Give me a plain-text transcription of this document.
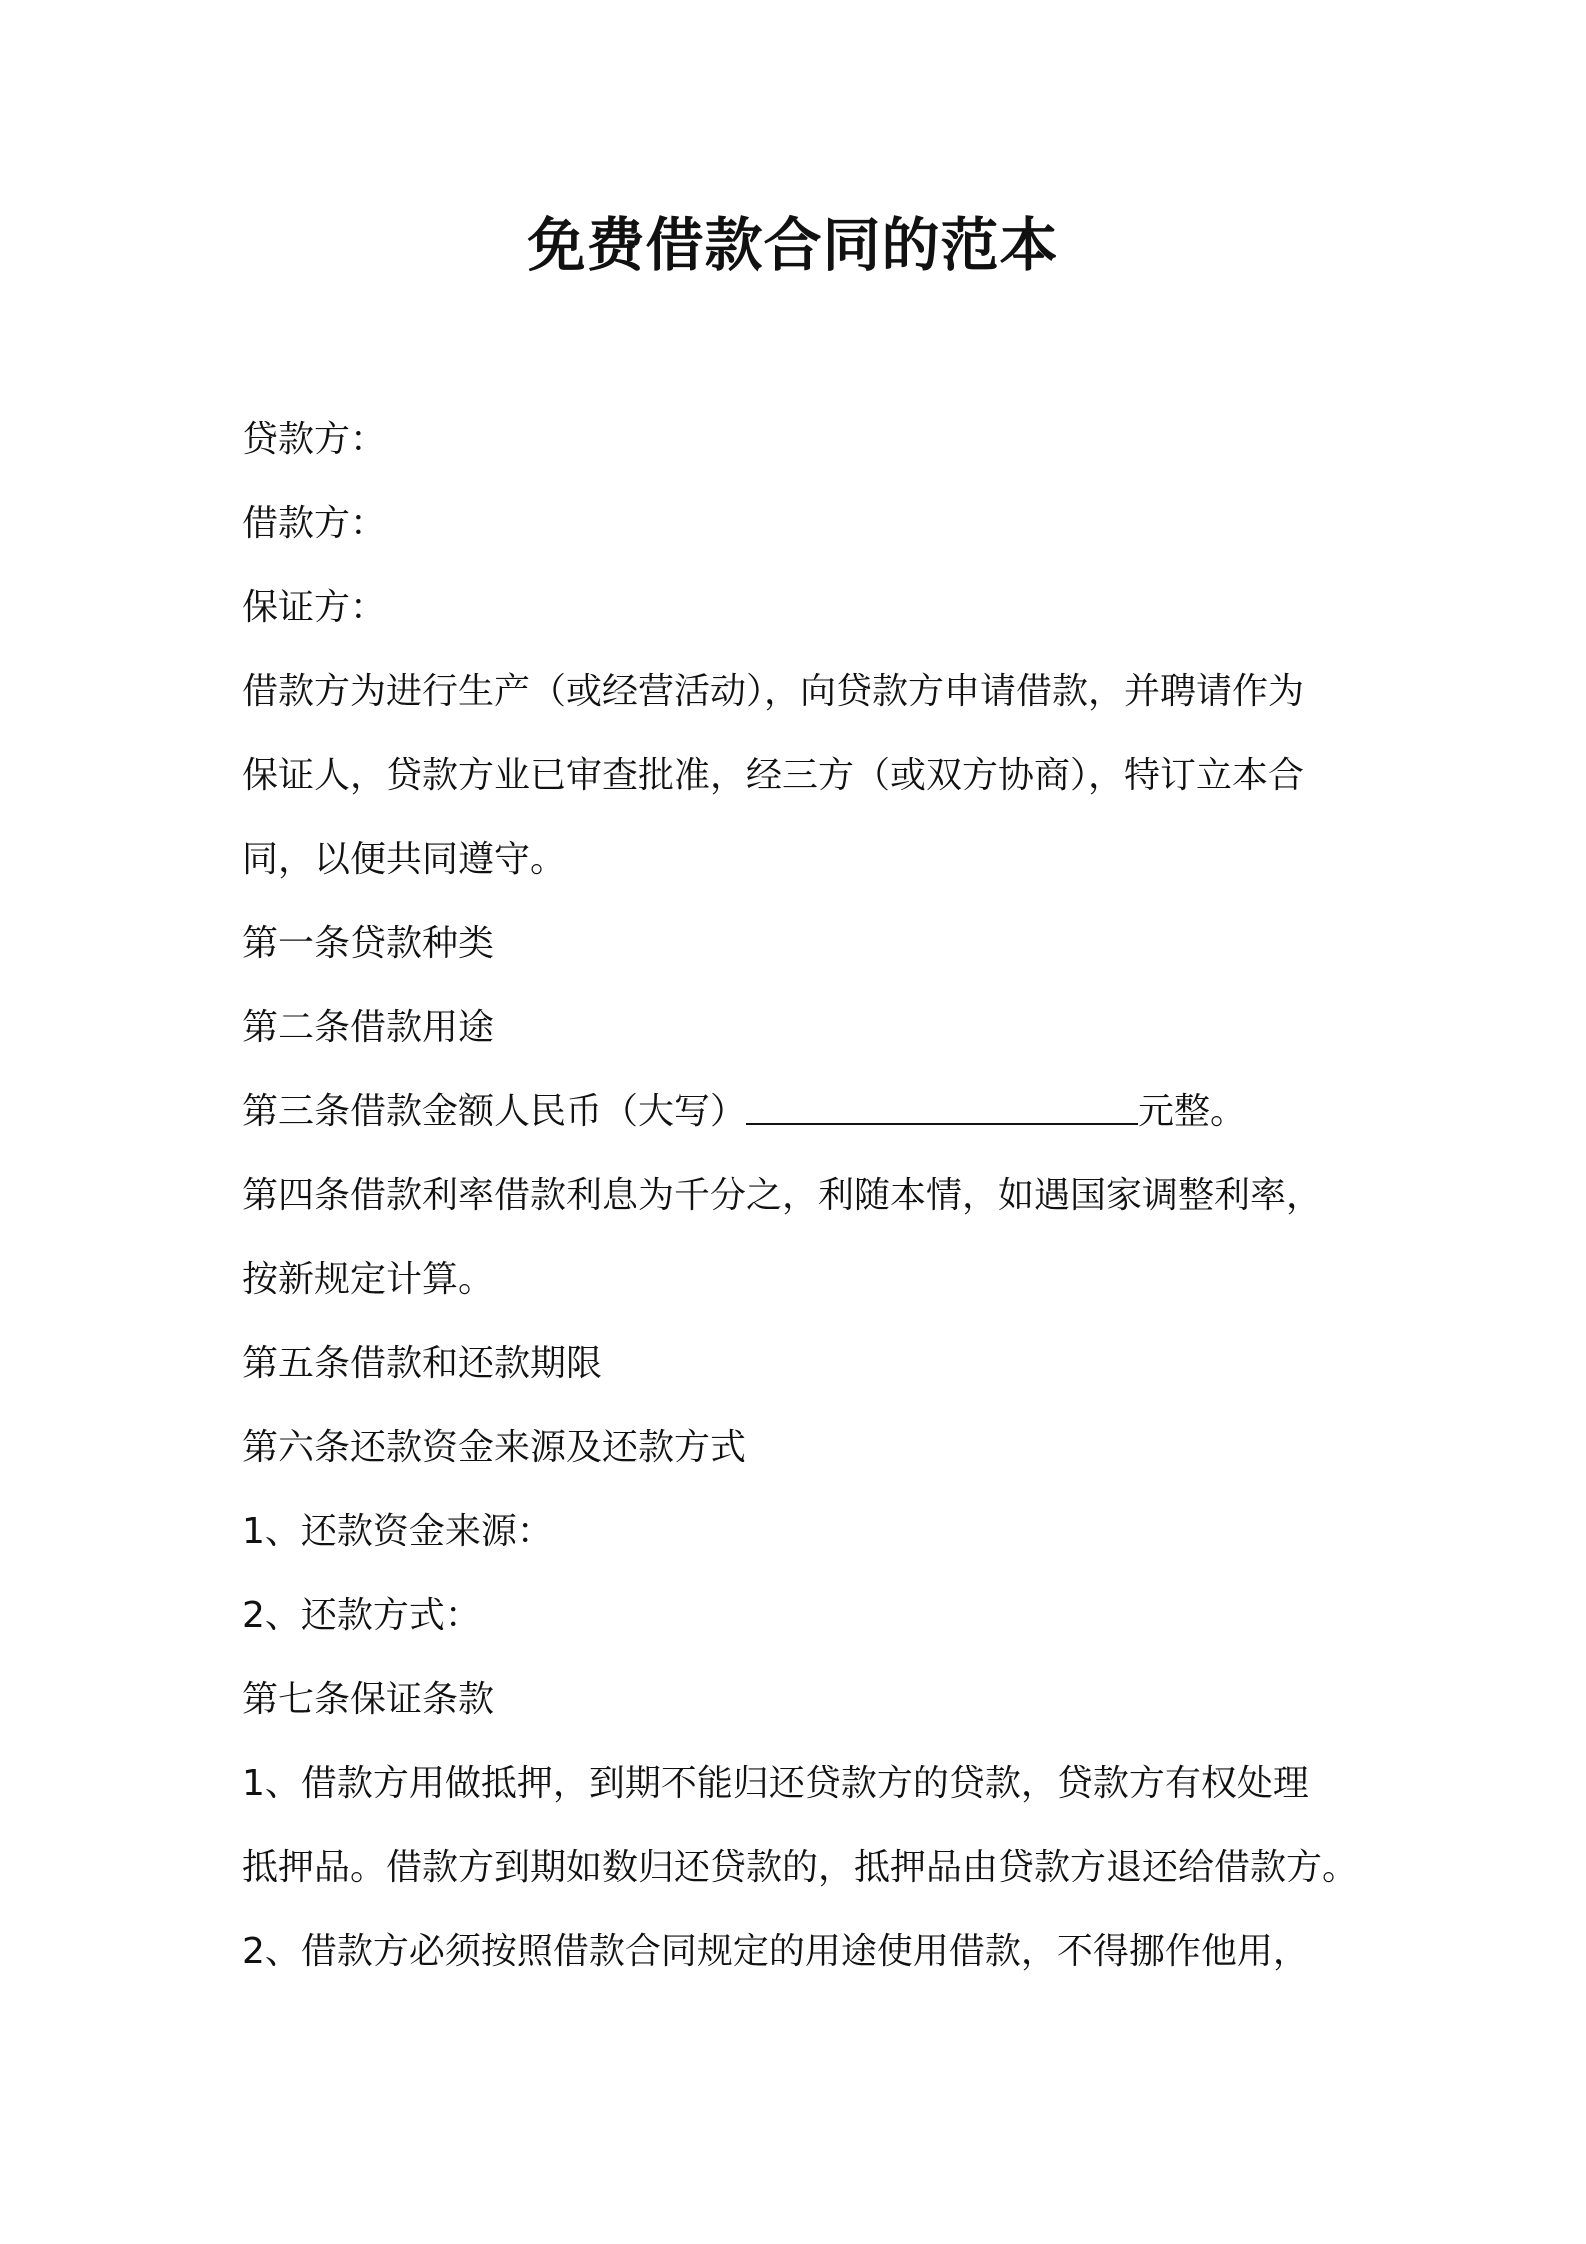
免费借款合同的范本
贷款方：
借款方：
保证方：
借款方为进行生产（或经营活动），向贷款方申请借款，并聘请作为
保证人，贷款方业已审查批准，经三方（或双方协商），特订立本合
同，以便共同遵守。
第一条贷款种类
第二条借款用途
第三条借款金额人民币（大写）	元整。
第四条借款利率借款利息为千分之，利随本情，如遇国家调整利率，
按新规定计算。
第五条借款和还款期限
第六条还款资金来源及还款方式
1、还款资金来源：
2、还款方式：
第七条保证条款
1、借款方用做抵押，到期不能归还贷款方的贷款，贷款方有权处理
抵押品。借款方到期如数归还贷款的，抵押品由贷款方退还给借款方。
2、借款方必须按照借款合同规定的用途使用借款，不得挪作他用，
